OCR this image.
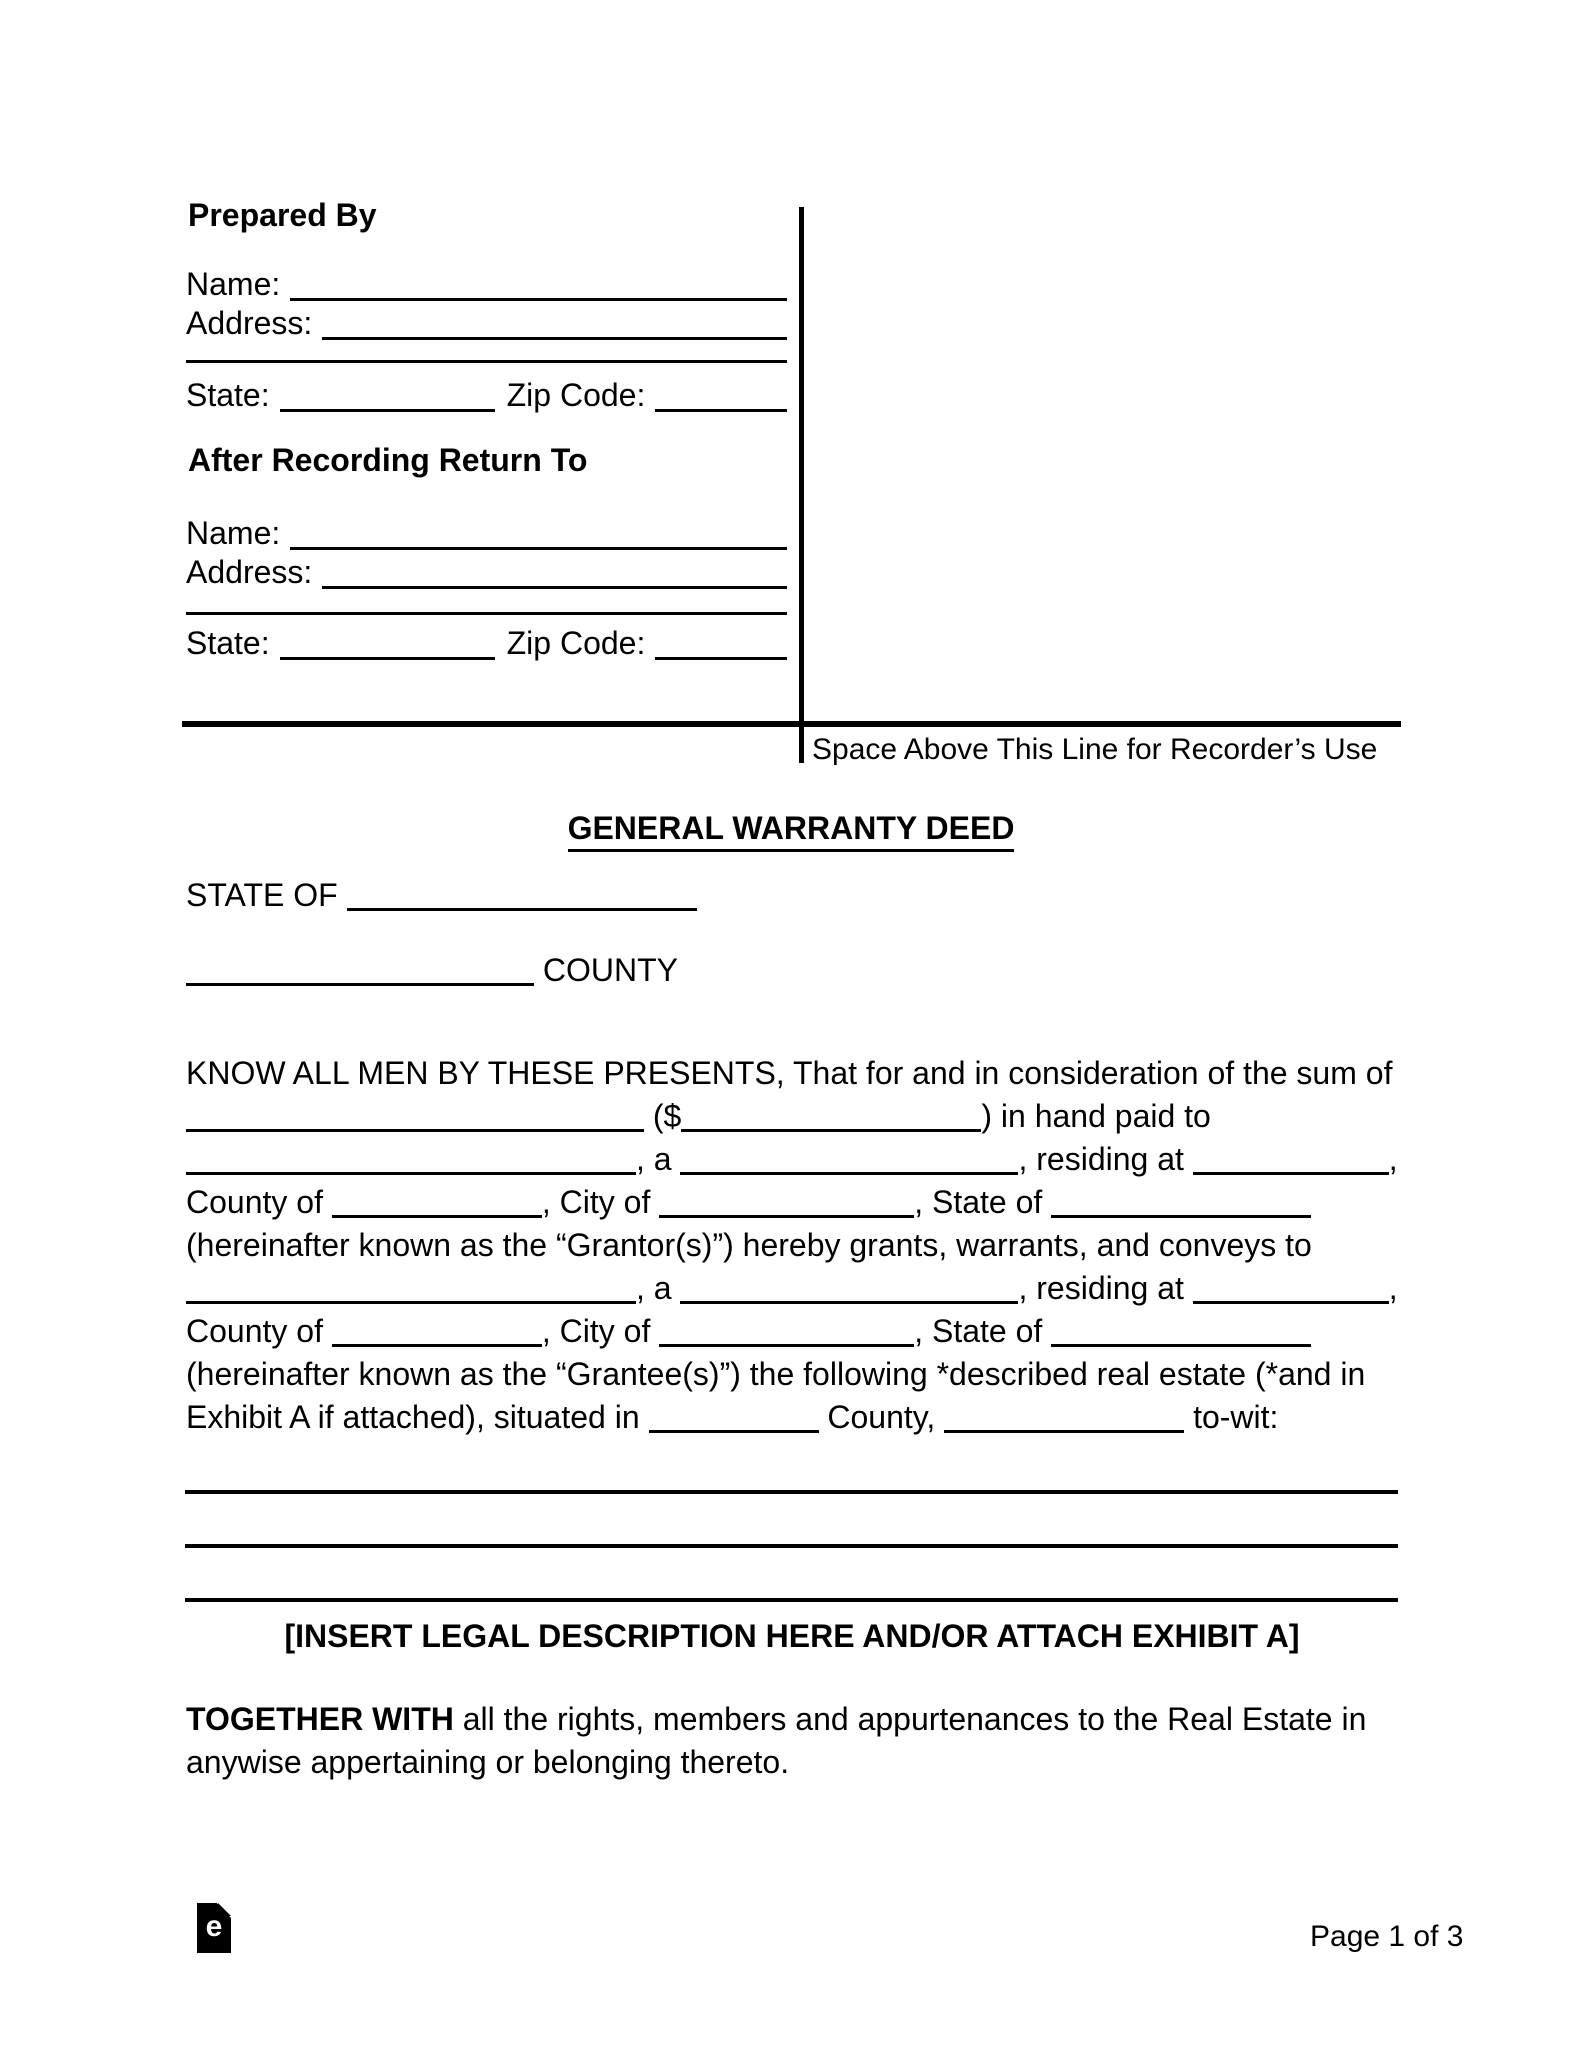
Prepared By
Name:
Address:
State:	Zip Code:
After Recording Return To
Name:
Address:
State:	Zip Code:
Space Above This Line for Recorder’s Use
GENERAL WARRANTY DEED
STATE OF
COUNTY
KNOW ALL MEN BY THESE PRESENTS, That for and in consideration of the sum of
($	) in hand paid to
, a	, residing at	,
County of	, City of	, State of
(hereinafter known as the “Grantor(s)”) hereby grants, warrants, and conveys to
, a	, residing at	,
County of	, City of	, State of
(hereinafter known as the “Grantee(s)”) the following *described real estate (*and in
Exhibit A if attached), situated in	County,	to-wit:
[INSERT LEGAL DESCRIPTION HERE AND/OR ATTACH EXHIBIT A]
TOGETHER WITH all the rights, members and appurtenances to the Real Estate in anywise appertaining or belonging thereto.
e	Page 1 of 3
